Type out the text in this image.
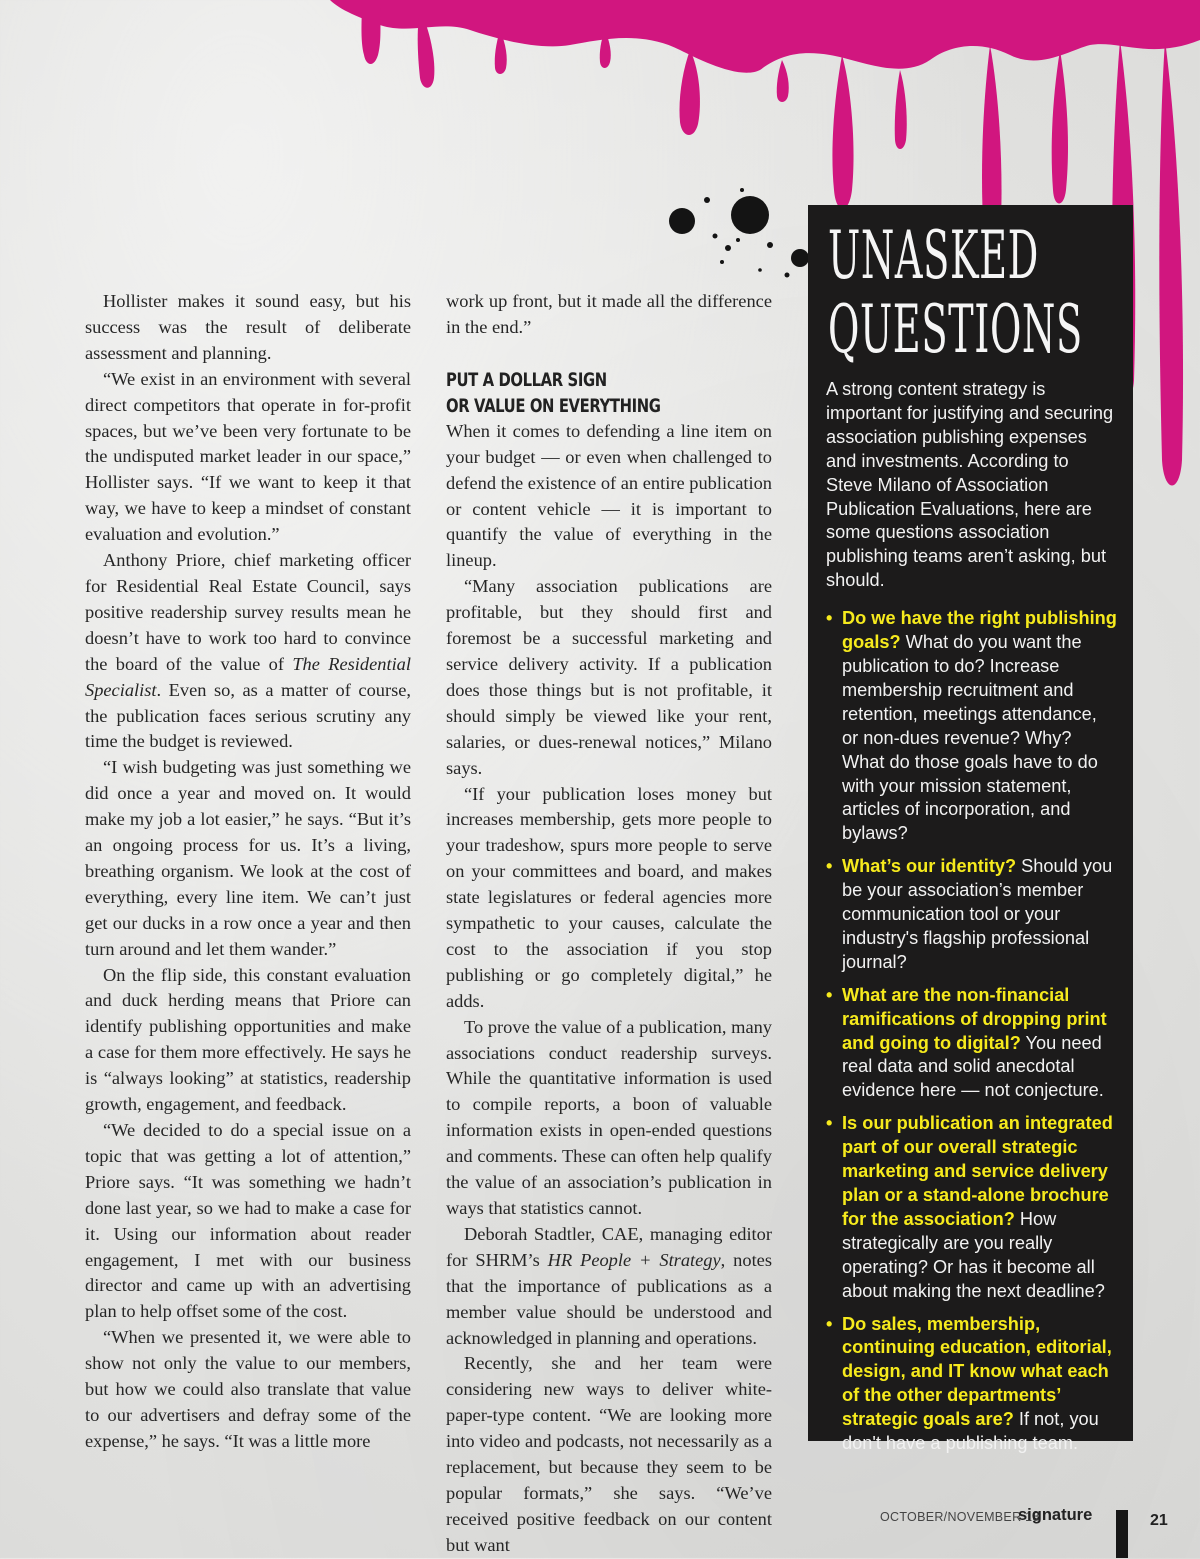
Hollister makes it sound easy, but his success was the result of deliberate assessment and planning.

“We exist in an environment with several direct competitors that operate in for-profit spaces, but we’ve been very fortunate to be the undisputed market leader in our space,” Hollister says. “If we want to keep it that way, we have to keep a mindset of constant evaluation and evolution.”

Anthony Priore, chief marketing officer for Residential Real Estate Council, says positive readership survey results mean he doesn’t have to work too hard to convince the board of the value of The Residential Specialist. Even so, as a matter of course, the publication faces serious scrutiny any time the budget is reviewed.

“I wish budgeting was just something we did once a year and moved on. It would make my job a lot easier,” he says. “But it’s an ongoing process for us. It’s a living, breathing organism. We look at the cost of everything, every line item. We can’t just get our ducks in a row once a year and then turn around and let them wander.”

On the flip side, this constant evaluation and duck herding means that Priore can identify publishing opportunities and make a case for them more effectively. He says he is “always looking” at statistics, readership growth, engagement, and feedback.

“We decided to do a special issue on a topic that was getting a lot of attention,” Priore says. “It was something we hadn’t done last year, so we had to make a case for it. Using our information about reader engagement, I met with our business director and came up with an advertising plan to help offset some of the cost.

“When we presented it, we were able to show not only the value to our members, but how we could also translate that value to our advertisers and defray some of the expense,” he says. “It was a little more

work up front, but it made all the difference in the end.”

PUT A DOLLAR SIGN
OR VALUE ON EVERYTHING

When it comes to defending a line item on your budget — or even when challenged to defend the existence of an entire publication or content vehicle — it is important to quantify the value of everything in the lineup.

“Many association publications are profitable, but they should first and foremost be a successful marketing and service delivery activity. If a publication does those things but is not profitable, it should simply be viewed like your rent, salaries, or dues-renewal notices,” Milano says.

“If your publication loses money but increases membership, gets more people to your tradeshow, spurs more people to serve on your committees and board, and makes state legislatures or federal agencies more sympathetic to your causes, calculate the cost to the association if you stop publishing or go completely digital,” he adds.

To prove the value of a publication, many associations conduct readership surveys. While the quantitative information is used to compile reports, a boon of valuable information exists in open-ended questions and comments. These can often help qualify the value of an association’s publication in ways that statistics cannot.

Deborah Stadtler, CAE, managing editor for SHRM’s HR People + Strategy, notes that the importance of publications as a member value should be understood and acknowledged in planning and operations.

Recently, she and her team were considering new ways to deliver white-paper-type content. “We are looking more into video and podcasts, not necessarily as a replacement, but because they seem to be popular formats,” she says. “We’ve received positive feedback on our content but want

UNASKED
QUESTIONS

A strong content strategy is important for justifying and securing association publishing expenses and investments. According to Steve Milano of Association Publication Evaluations, here are some questions association publishing teams aren’t asking, but should.

• Do we have the right publishing goals? What do you want the publication to do? Increase membership recruitment and retention, meetings attendance, or non-dues revenue? Why? What do those goals have to do with your mission statement, articles of incorporation, and bylaws?
• What’s our identity? Should you be your association’s member communication tool or your industry's flagship professional journal?
• What are the non-financial ramifications of dropping print and going to digital? You need real data and solid anecdotal evidence here — not conjecture.
• Is our publication an integrated part of our overall strategic marketing and service delivery plan or a stand-alone brochure for the association? How strategically are you really operating? Or has it become all about making the next deadline?
• Do sales, membership, continuing education, editorial, design, and IT know what each of the other departments’ strategic goals are? If not, you don't have a publishing team.
OCTOBER/NOVEMBER 18
signature	21
